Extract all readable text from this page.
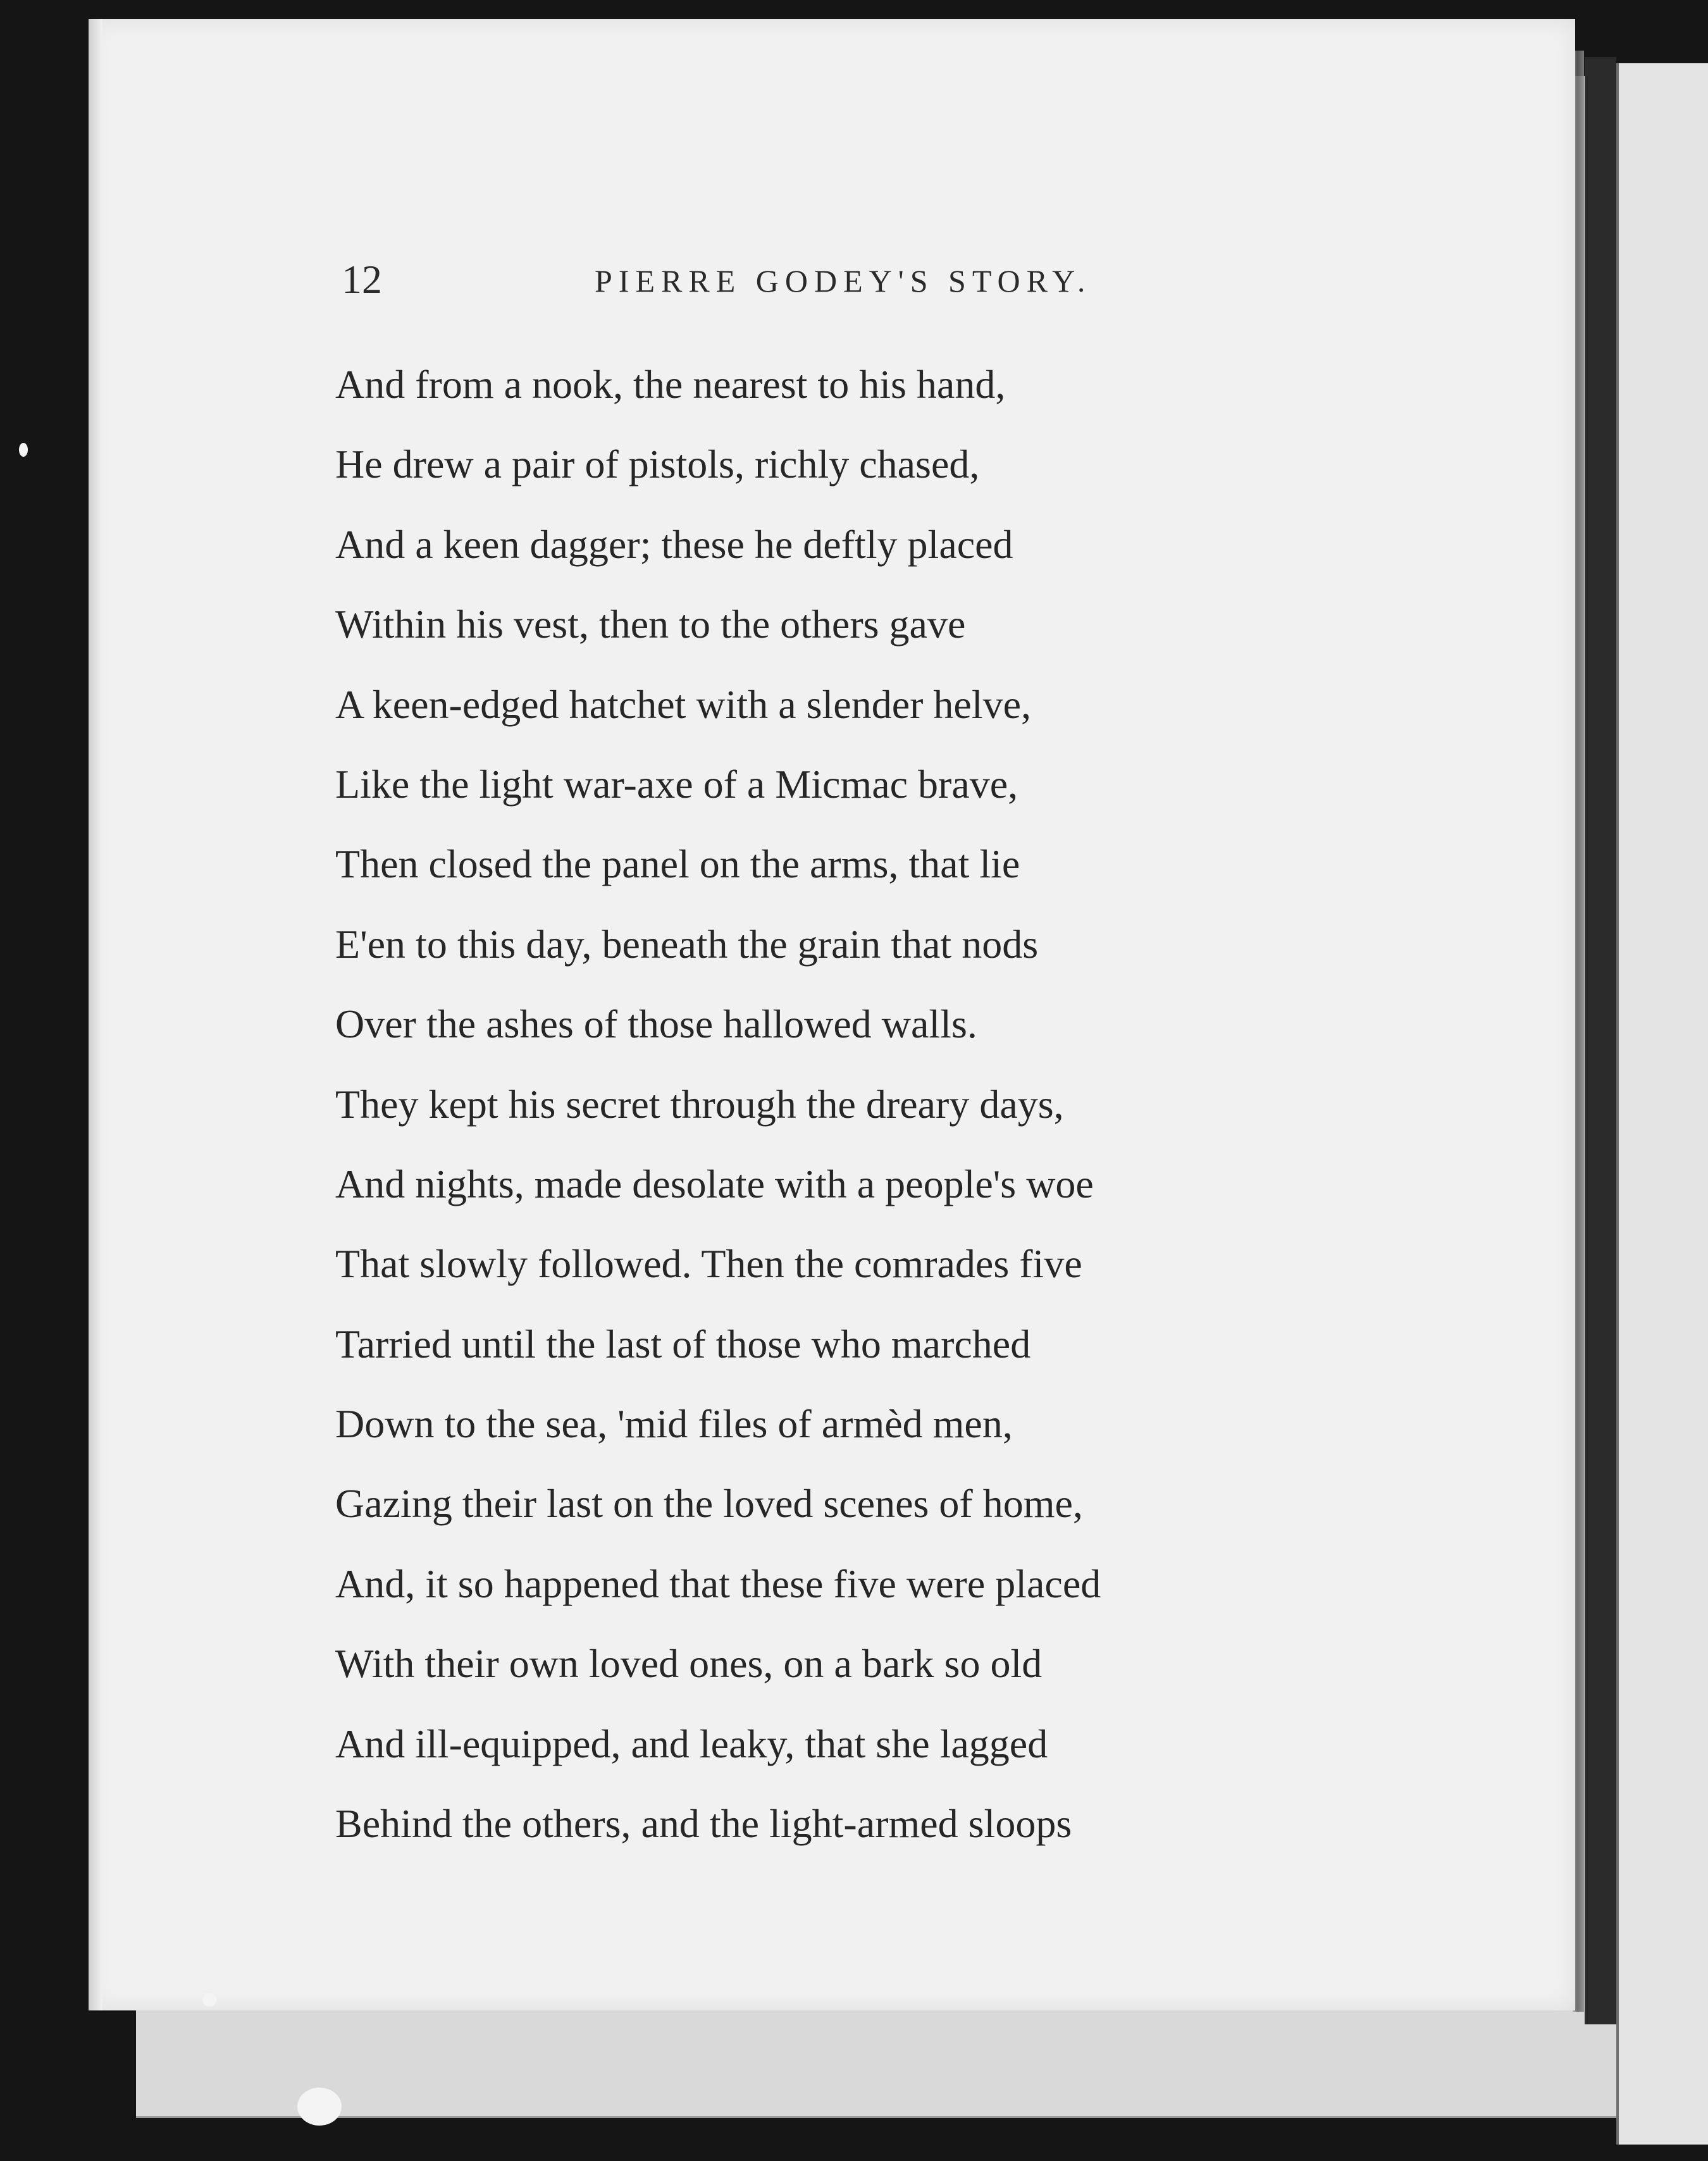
12	PIERRE GODEY'S STORY.
And from a nook, the nearest to his hand,
He drew a pair of pistols, richly chased,
And a keen dagger; these he deftly placed
Within his vest, then to the others gave
A keen-edged hatchet with a slender helve,
Like the light war-axe of a Micmac brave,
Then closed the panel on the arms, that lie
E'en to this day, beneath the grain that nods
Over the ashes of those hallowed walls.
They kept his secret through the dreary days,
And nights, made desolate with a people's woe
That slowly followed. Then the comrades five
Tarried until the last of those who marched
Down to the sea, 'mid files of armèd men,
Gazing their last on the loved scenes of home,
And, it so happened that these five were placed
With their own loved ones, on a bark so old
And ill-equipped, and leaky, that she lagged
Behind the others, and the light-armed sloops
